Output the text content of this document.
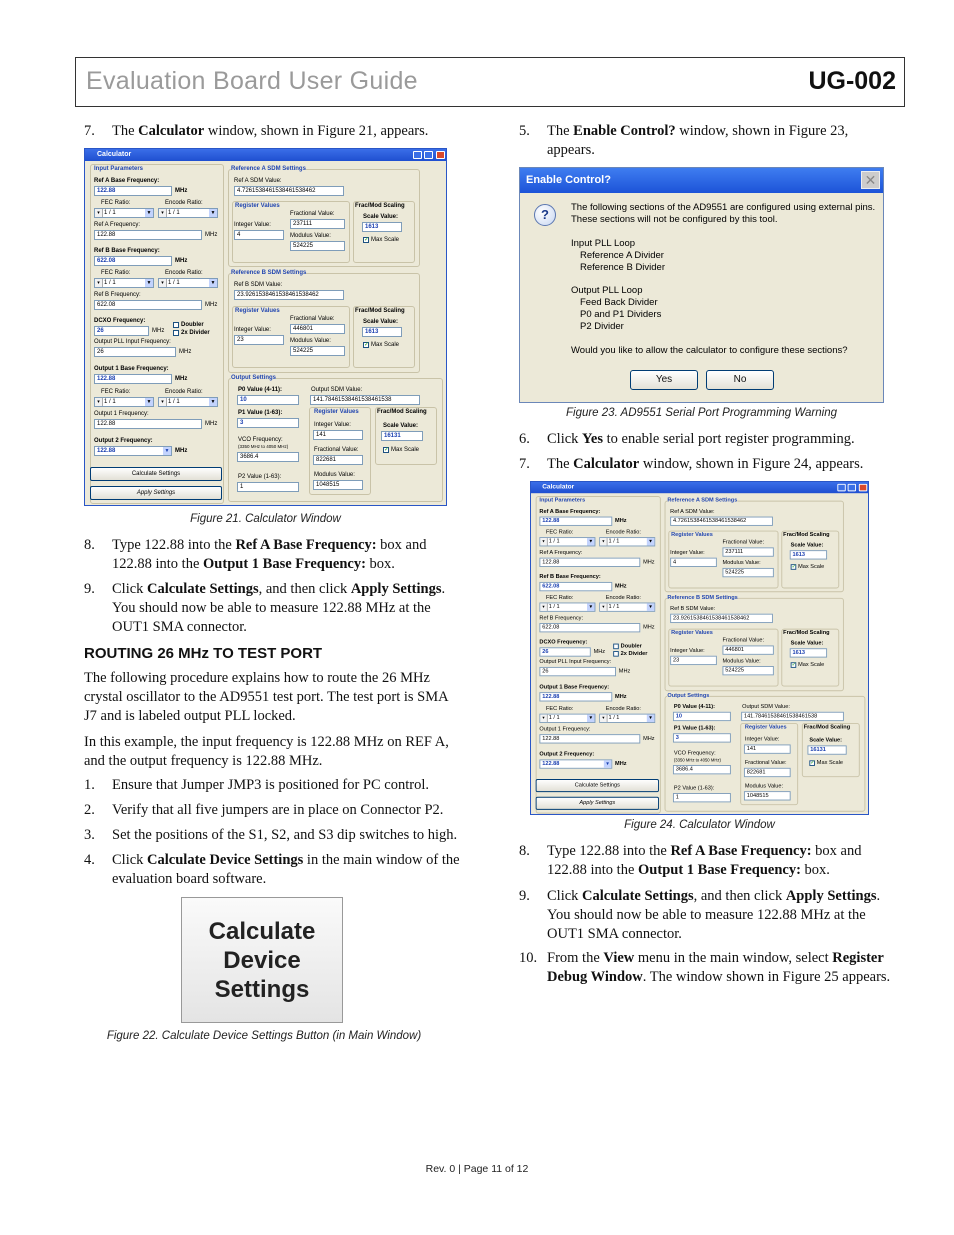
Evaluation Board User Guide	UG-002
7. The Calculator window, shown in Figure 21, appears.
Calculator
Input Parameters
Ref A Base Frequency:
122.88	MHz
FEC Ratio:	Encode Ratio:
▾ 1 / 1	▼	▾ 1 / 1	▼
Ref A Frequency:
122.88	MHz
Ref B Base Frequency:
622.08	MHz
FEC Ratio:	Encode Ratio:
▾ 1 / 1	▼	▾ 1 / 1	▼
Ref B Frequency:
622.08	MHz
DCXO Frequency:
26	MHz
Doubler
2x Divider
Output PLL Input Frequency:
26	MHz
Output 1 Base Frequency:
122.88	MHz
FEC Ratio:	Encode Ratio:
▾ 1 / 1	▼	▾ 1 / 1	▼
Output 1 Frequency:
122.88	MHz
Output 2 Frequency:
122.88	▼ MHz
Calculate Settings
Apply Settings
Reference A SDM Settings
Ref A SDM Value:
4.7261538461538461538462
Register Values
Fractional Value:
237111
Integer Value:
4	Modulus Value:
524225
Frac/Mod Scaling
Scale Value:
1613
✓ Max Scale
Reference B SDM Settings
Ref B SDM Value:
23.9261538461538461538462
Register Values
Fractional Value:
446801
Integer Value:
23	Modulus Value:
524225
Frac/Mod Scaling
Scale Value:
1613
✓ Max Scale
Output Settings
P0 Value (4-11):
10
Output SDM Value:
141.78461538461538461538
P1 Value (1-63):
3
VCO Frequency:
(3350 MHz to 4050 MHz)
3686.4
P2 Value (1-63):
1
Register Values
Integer Value:
141
Fractional Value:
822681
Modulus Value:
1048515
Frac/Mod Scaling
Scale Value:
16131
✓ Max Scale
Figure 21. Calculator Window
8. Type 122.88 into the Ref A Base Frequency: box and
122.88 into the Output 1 Base Frequency: box.
9. Click Calculate Settings, and then click Apply Settings.
You should now be able to measure 122.88 MHz at the
OUT1 SMA connector.
ROUTING 26 MHz TO TEST PORT
The following procedure explains how to route the 26 MHz
crystal oscillator to the AD9551 test port. The test port is SMA
J7 and is labeled output PLL locked.
In this example, the input frequency is 122.88 MHz on REF A,
and the output frequency is 122.88 MHz.
1. Ensure that Jumper JMP3 is positioned for PC control.
2. Verify that all five jumpers are in place on Connector P2.
3. Set the positions of the S1, S2, and S3 dip switches to high.
4. Click Calculate Device Settings in the main window of the
evaluation board software.
Calculate
Device
Settings
Figure 22. Calculate Device Settings Button (in Main Window)
5. The Enable Control? window, shown in Figure 23,
appears.
Enable Control?	✕
?	The following sections of the AD9551 are configured using external pins.
These sections will not be configured by this tool.
Input PLL Loop
Reference A Divider
Reference B Divider
Output PLL Loop
Feed Back Divider
P0 and P1 Dividers
P2 Divider
Would you like to allow the calculator to configure these sections?
Yes	No
Figure 23. AD9551 Serial Port Programming Warning
6. Click Yes to enable serial port register programming.
7. The Calculator window, shown in Figure 24, appears.
Calculator
Input Parameters
Ref A Base Frequency:
122.88	MHz
FEC Ratio:	Encode Ratio:
▾ 1 / 1	▼	▾ 1 / 1	▼
Ref A Frequency:
122.88	MHz
Ref B Base Frequency:
622.08	MHz
FEC Ratio:	Encode Ratio:
▾ 1 / 1	▼	▾ 1 / 1	▼
Ref B Frequency:
622.08	MHz
DCXO Frequency:
26	MHz
Doubler
2x Divider
Output PLL Input Frequency:
26	MHz
Output 1 Base Frequency:
122.88	MHz
FEC Ratio:	Encode Ratio:
▾ 1 / 1	▼	▾ 1 / 1	▼
Output 1 Frequency:
122.88	MHz
Output 2 Frequency:
122.88	▼ MHz
Calculate Settings
Apply Settings
Reference A SDM Settings
Ref A SDM Value:
4.7261538461538461538462
Register Values
Fractional Value:
237111
Integer Value:
4	Modulus Value:
524225
Frac/Mod Scaling
Scale Value:
1613
✓ Max Scale
Reference B SDM Settings
Ref B SDM Value:
23.9261538461538461538462
Register Values
Fractional Value:
446801
Integer Value:
23	Modulus Value:
524225
Frac/Mod Scaling
Scale Value:
1613
✓ Max Scale
Output Settings
P0 Value (4-11):
10
Output SDM Value:
141.78461538461538461538
P1 Value (1-63):
3
VCO Frequency:
(3350 MHz to 4050 MHz)
3686.4
P2 Value (1-63):
1
Register Values
Integer Value:
141
Fractional Value:
822681
Modulus Value:
1048515
Frac/Mod Scaling
Scale Value:
16131
✓ Max Scale
Figure 24. Calculator Window
8. Type 122.88 into the Ref A Base Frequency: box and
122.88 into the Output 1 Base Frequency: box.
9. Click Calculate Settings, and then click Apply Settings.
You should now be able to measure 122.88 MHz at the
OUT1 SMA connector.
10. From the View menu in the main window, select Register
Debug Window. The window shown in Figure 25 appears.
Rev. 0 | Page 11 of 12
